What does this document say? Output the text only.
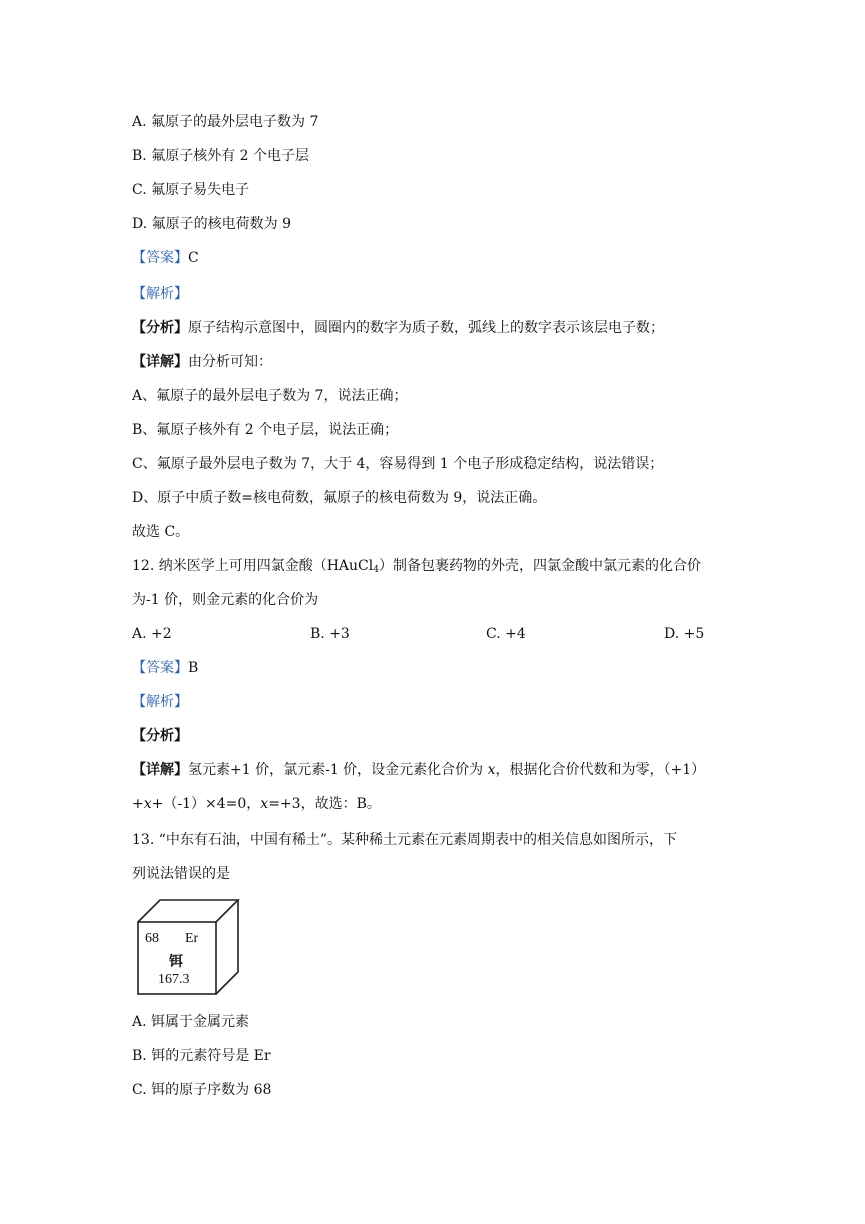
A. 氟原子的最外层电子数为 7
B. 氟原子核外有 2 个电子层
C. 氟原子易失电子
D. 氟原子的核电荷数为 9
【答案】C
【解析】
【分析】原子结构示意图中，圆圈内的数字为质子数，弧线上的数字表示该层电子数；
【详解】由分析可知：
A、氟原子的最外层电子数为 7，说法正确；
B、氟原子核外有 2 个电子层，说法正确；
C、氟原子最外层电子数为 7，大于 4，容易得到 1 个电子形成稳定结构，说法错误；
D、原子中质子数=核电荷数，氟原子的核电荷数为 9，说法正确。
故选 C。
12. 纳米医学上可用四氯金酸（HAuCl$_4$）制备包裹药物的外壳，四氯金酸中氯元素的化合价
为-1 价，则金元素的化合价为
A. +2	B. +3	C. +4	D. +5
【答案】B
【解析】
【分析】
【详解】氢元素+1 价，氯元素-1 价，设金元素化合价为 x，根据化合价代数和为零，（+1）
+x+（-1）×4=0，x=+3，故选：B。
13. “中东有石油，中国有稀土”。某种稀土元素在元素周期表中的相关信息如图所示，下
列说法错误的是
68 Er
铒
167.3
A. 铒属于金属元素
B. 铒的元素符号是 Er
C. 铒的原子序数为 68
